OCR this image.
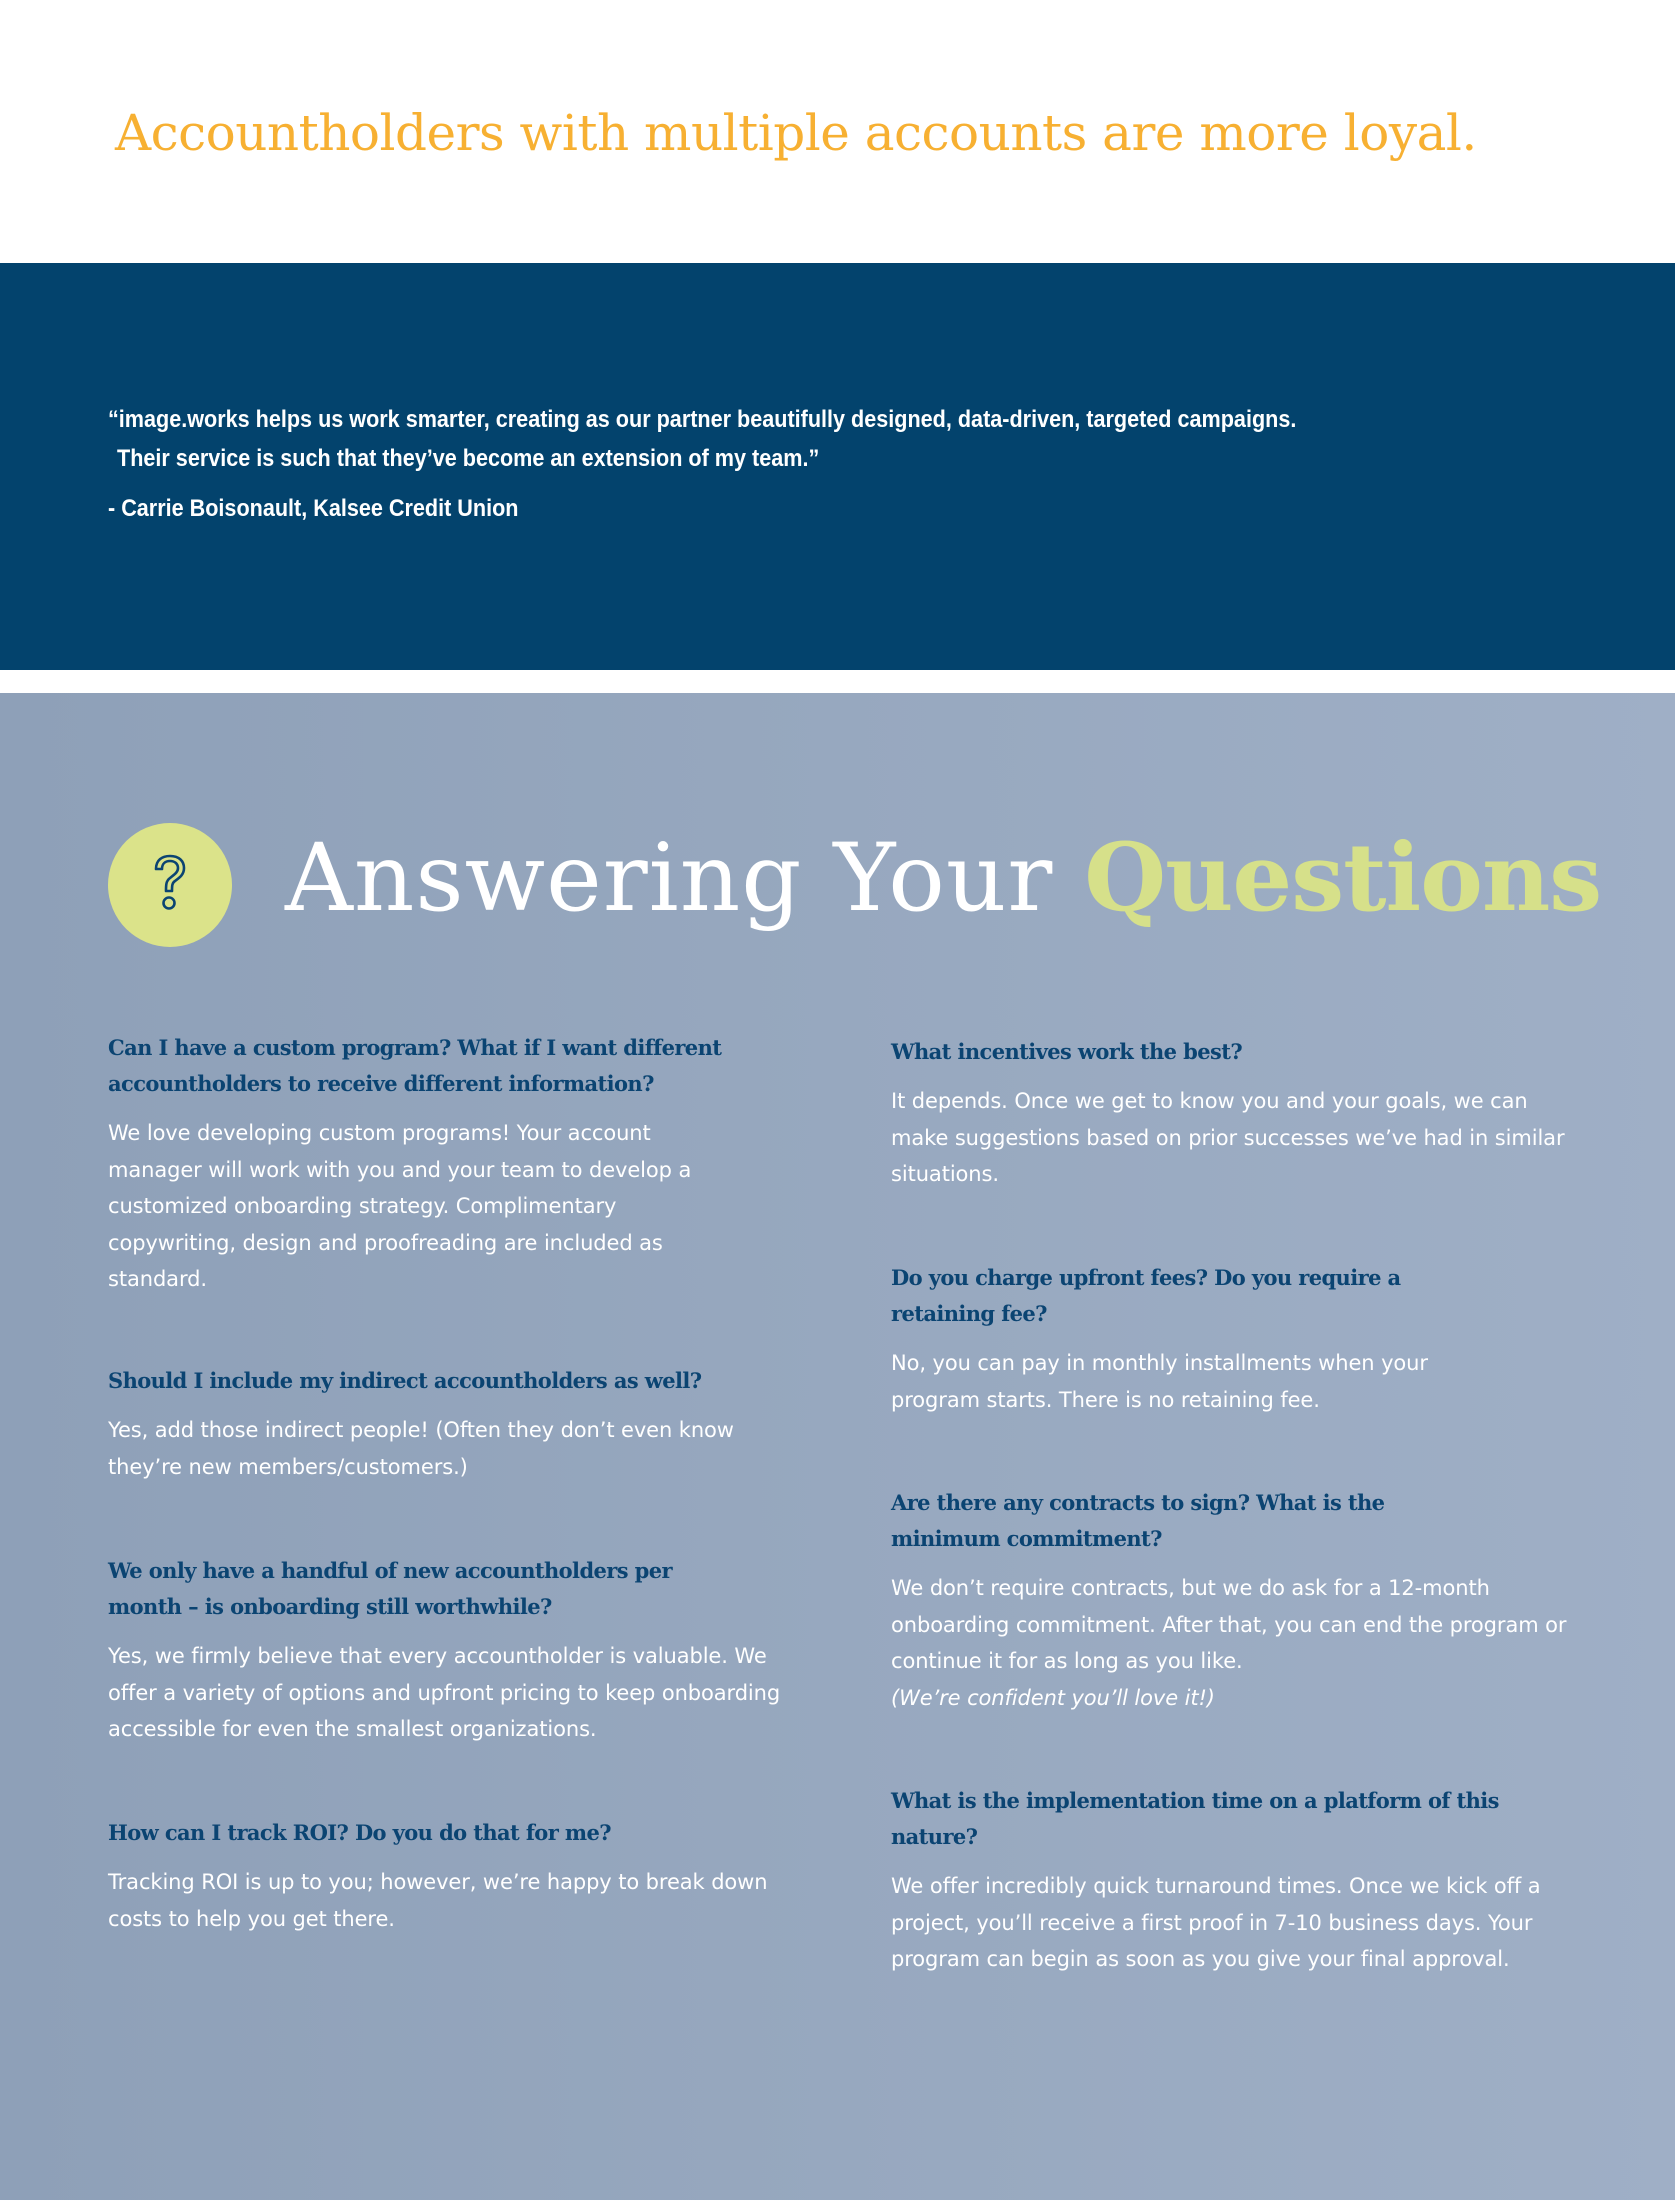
Accountholders with multiple accounts are more loyal.
“image.works helps us work smarter, creating as our partner beautifully designed, data-driven, targeted campaigns.
Their service is such that they’ve become an extension of my team.”
- Carrie Boisonault, Kalsee Credit Union
Answering Your Questions

Can I have a custom program? What if I want different accountholders to receive different information?

We love developing custom programs! Your account manager will work with you and your team to develop a customized onboarding strategy. Complimentary copywriting, design and proofreading are included as standard.

Should I include my indirect accountholders as well?

Yes, add those indirect people! (Often they don’t even know they’re new members/customers.)

We only have a handful of new accountholders per month – is onboarding still worthwhile?

Yes, we firmly believe that every accountholder is valuable. We offer a variety of options and upfront pricing to keep onboarding accessible for even the smallest organizations.

How can I track ROI? Do you do that for me?

Tracking ROI is up to you; however, we’re happy to break down costs to help you get there.

What incentives work the best?

It depends. Once we get to know you and your goals, we can make suggestions based on prior successes we’ve had in similar situations.

Do you charge upfront fees? Do you require a retaining fee?

No, you can pay in monthly installments when your program starts. There is no retaining fee.

Are there any contracts to sign? What is the minimum commitment?

We don’t require contracts, but we do ask for a 12-month onboarding commitment. After that, you can end the program or continue it for as long as you like.
(We’re confident you’ll love it!)

What is the implementation time on a platform of this nature?

We offer incredibly quick turnaround times. Once we kick off a project, you’ll receive a first proof in 7-10 business days. Your program can begin as soon as you give your final approval.
